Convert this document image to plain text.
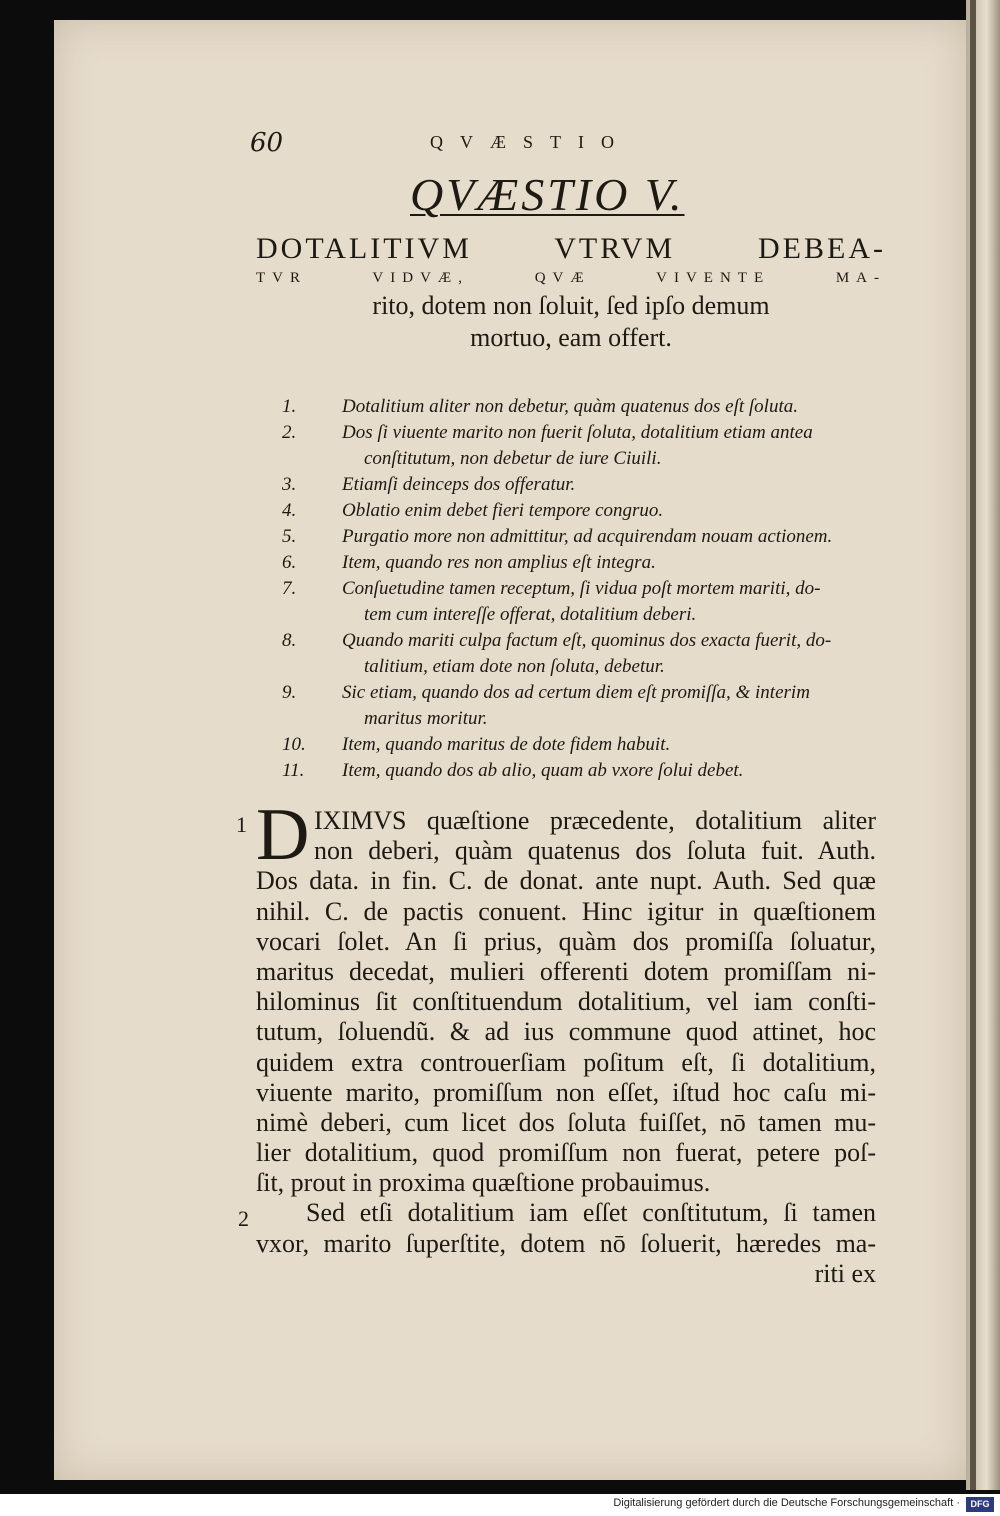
60	QVÆSTIO
QVÆSTIO V.
DOTALITIVM VTRVM DEBEA-
TVR VIDVÆ, QVÆ VIVENTE MA-
rito, dotem non ſoluit, ſed ipſo demum
mortuo, eam offert.
1.	Dotalitium aliter non debetur, quàm quatenus dos eſt ſoluta.
2.	Dos ſi viuente marito non fuerit ſoluta, dotalitium etiam antea
conſtitutum, non debetur de iure Ciuili.
3.	Etiamſi deinceps dos offeratur.
4.	Oblatio enim debet fieri tempore congruo.
5.	Purgatio more non admittitur, ad acquirendam nouam actionem.
6.	Item, quando res non amplius eſt integra.
7.	Conſuetudine tamen receptum, ſi vidua poſt mortem mariti, do-
tem cum intereſſe offerat, dotalitium deberi.
8.	Quando mariti culpa factum eſt, quominus dos exacta fuerit, do-
talitium, etiam dote non ſoluta, debetur.
9.	Sic etiam, quando dos ad certum diem eſt promiſſa, & interim
maritus moritur.
10.	Item, quando maritus de dote fidem habuit.
11.	Item, quando dos ab alio, quam ab vxore ſolui debet.
1
2
D IXIMVS quæſtione præcedente, dotalitium aliter
non deberi, quàm quatenus dos ſoluta fuit. Auth.
Dos data. in fin. C. de donat. ante nupt. Auth. Sed quæ
nihil. C. de pactis conuent. Hinc igitur in quæſtionem
vocari ſolet. An ſi prius, quàm dos promiſſa ſoluatur,
maritus decedat, mulieri offerenti dotem promiſſam ni-
hilominus ſit conſtituendum dotalitium, vel iam conſti-
tutum, ſoluendũ. & ad ius commune quod attinet, hoc
quidem extra controuerſiam poſitum eſt, ſi dotalitium,
viuente marito, promiſſum non eſſet, iſtud hoc caſu mi-
nimè deberi, cum licet dos ſoluta fuiſſet, nō tamen mu-
lier dotalitium, quod promiſſum non fuerat, petere poſ-
ſit, prout in proxima quæſtione probauimus.
Sed etſi dotalitium iam eſſet conſtitutum, ſi tamen
vxor, marito ſuperſtite, dotem nō ſoluerit, hæredes ma-
riti ex
Digitalisierung gefördert durch die Deutsche Forschungsgemeinschaft ·	DFG
